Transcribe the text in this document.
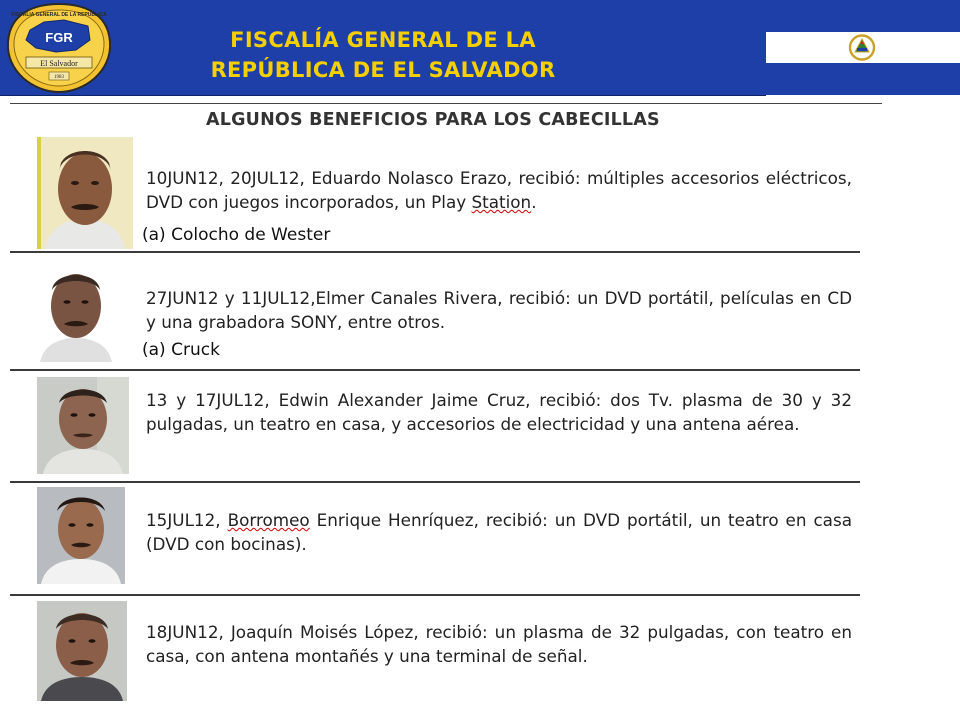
FISCALIA GENERAL DE LA REPUBLICA
FGR
El Salvador
1983
FISCALÍA GENERAL DE LA
REPÚBLICA DE EL SALVADOR
ALGUNOS BENEFICIOS PARA LOS CABECILLAS
10JUN12, 20JUL12, Eduardo Nolasco Erazo, recibió: múltiples accesorios eléctricos, DVD con juegos incorporados, un Play Station.
(a) Colocho de Wester
27JUN12 y 11JUL12,Elmer Canales Rivera, recibió: un DVD portátil, películas en CD y una grabadora SONY, entre otros.
(a) Cruck
13 y 17JUL12, Edwin Alexander Jaime Cruz, recibió: dos Tv. plasma de 30 y 32 pulgadas, un teatro en casa, y accesorios de electricidad y una antena aérea.
15JUL12, Borromeo Enrique Henríquez, recibió: un DVD portátil, un teatro en casa (DVD con bocinas).
18JUN12, Joaquín Moisés López, recibió: un plasma de 32 pulgadas, con teatro en casa, con antena montañés y una terminal de señal.
